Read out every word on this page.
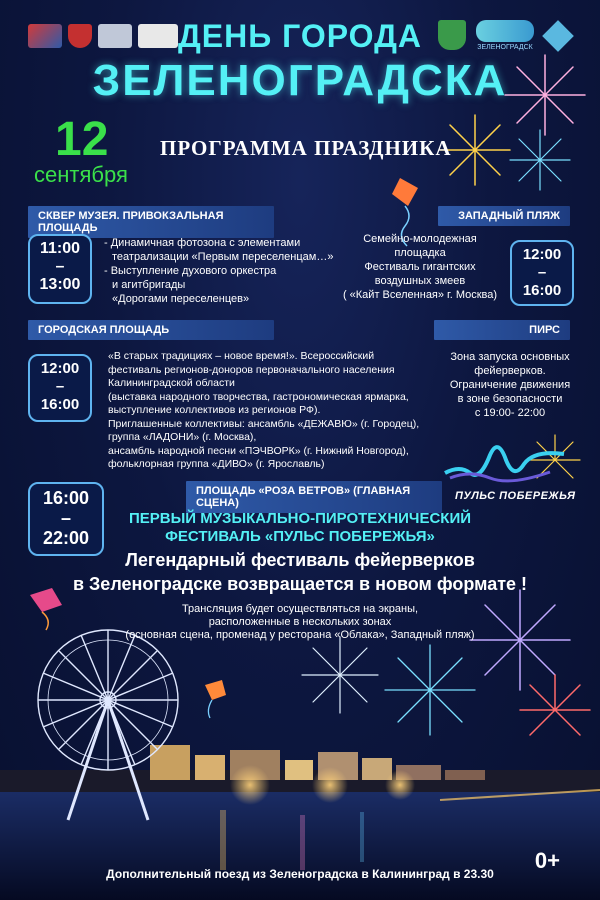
ЗЕЛЕНОГРАДСК
ДЕНЬ ГОРОДА
ЗЕЛЕНОГРАДСКА
12
сентября
ПРОГРАММА ПРАЗДНИКА
СКВЕР МУЗЕЯ. ПРИВОКЗАЛЬНАЯ ПЛОЩАДЬ
11:00
–
13:00
- Динамичная фотозона с элементами
театрализации «Первым переселенцам…»
- Выступление духового оркестра
и агитбригады
«Дорогами переселенцев»
ЗАПАДНЫЙ ПЛЯЖ
Семейно-молодежная
площадка
Фестиваль гигантских
воздушных змеев
( «Кайт Вселенная» г. Москва)
12:00
–
16:00
ГОРОДСКАЯ ПЛОЩАДЬ
12:00
–
16:00
«В старых традициях – новое время!». Всероссийский
фестиваль регионов-доноров первоначального населения
Калининградской области
(выставка народного творчества, гастрономическая ярмарка,
выступление коллективов из регионов РФ).
Приглашенные коллективы: ансамбль «ДЕЖАВЮ» (г. Городец),
группа «ЛАДОНИ» (г. Москва),
ансамбль народной песни «ПЭЧВОРК» (г. Нижний Новгород),
фольклорная группа «ДИВО» (г. Ярославль)
ПИРС
Зона запуска основных
фейерверков.
Ограничение движения
в зоне безопасности
с 19:00- 22:00
ПУЛЬС ПОБЕРЕЖЬЯ
ПЛОЩАДЬ «РОЗА ВЕТРОВ» (ГЛАВНАЯ СЦЕНА)
16:00
–
22:00
ПЕРВЫЙ МУЗЫКАЛЬНО-ПИРОТЕХНИЧЕСКИЙ
ФЕСТИВАЛЬ «ПУЛЬС ПОБЕРЕЖЬЯ»
Легендарный фестиваль фейерверков
в Зеленоградске возвращается в новом формате !
Трансляция будет осуществляться на экраны,
расположенные в нескольких зонах
(основная сцена, променад у ресторана «Облака», Западный пляж)
Дополнительный поезд из Зеленоградска в Калининград в 23.30
0+
